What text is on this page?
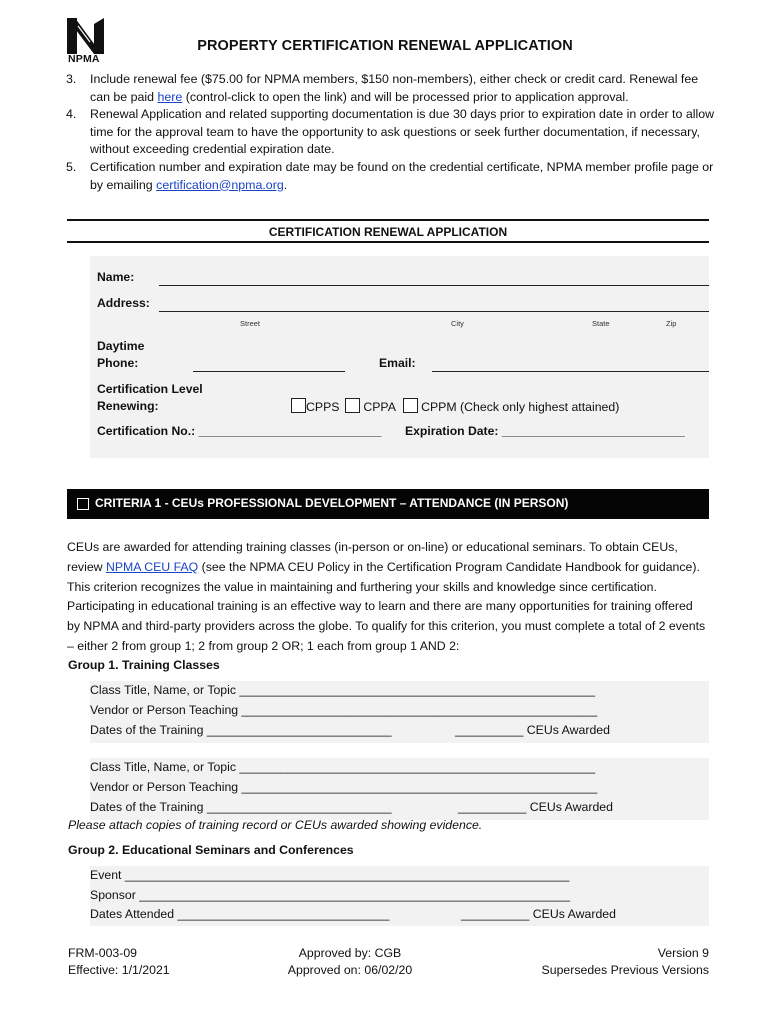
NPMA
PROPERTY CERTIFICATION RENEWAL APPLICATION
3.	Include renewal fee ($75.00 for NPMA members, $150 non-members), either check or credit card. Renewal fee can be paid here (control-click to open the link) and will be processed prior to application approval.
4.	Renewal Application and related supporting documentation is due 30 days prior to expiration date in order to allow time for the approval team to have the opportunity to ask questions or seek further documentation, if necessary, without exceeding credential expiration date.
5.	Certification number and expiration date may be found on the credential certificate, NPMA member profile page or by emailing certification@npma.org.
CERTIFICATION RENEWAL APPLICATION
Name:
Address:
Street	City	State	Zip
Daytime
Phone:	Email:
Certification Level
Renewing:	CPPS CPPA CPPM (Check only highest attained)
Certification No.: ___________________________ Expiration Date: ___________________________
CRITERIA 1 - CEUs PROFESSIONAL DEVELOPMENT – ATTENDANCE (IN PERSON)
CEUs are awarded for attending training classes (in-person or on-line) or educational seminars. To obtain CEUs, review NPMA CEU FAQ (see the NPMA CEU Policy in the Certification Program Candidate Handbook for guidance). This criterion recognizes the value in maintaining and furthering your skills and knowledge since certification. Participating in educational training is an effective way to learn and there are many opportunities for training offered by NPMA and third-party providers across the globe. To qualify for this criterion, you must complete a total of 2 events – either 2 from group 1; 2 from group 2 OR; 1 each from group 1 AND 2:
Group 1. Training Classes
Class Title, Name, or Topic ____________________________________________________
Vendor or Person Teaching ____________________________________________________
Dates of the Training ___________________________	__________ CEUs Awarded
Class Title, Name, or Topic ____________________________________________________
Vendor or Person Teaching ____________________________________________________
Dates of the Training ___________________________	__________ CEUs Awarded
Please attach copies of training record or CEUs awarded showing evidence.
Group 2. Educational Seminars and Conferences
Event _________________________________________________________________
Sponsor _______________________________________________________________
Dates Attended _______________________________	__________ CEUs Awarded
FRM-003-09
Effective: 1/1/2021
Approved by: CGB
Approved on: 06/02/20
Version 9
Supersedes Previous Versions
